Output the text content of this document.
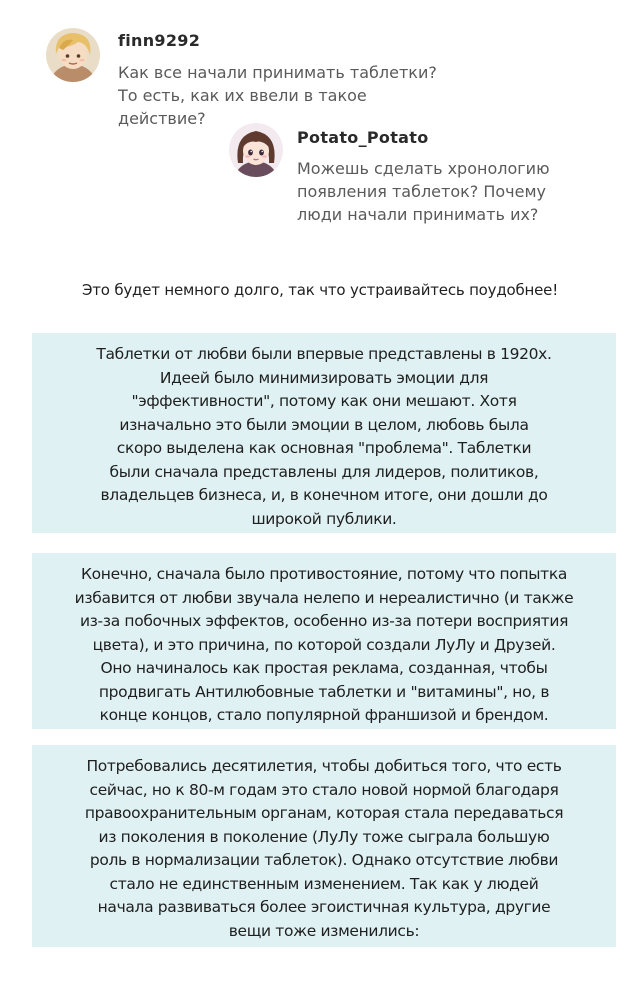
finn9292
Как все начали принимать таблетки?
То есть, как их ввели в такое
действие?
Potato_Potato
Можешь сделать хронологию
появления таблеток? Почему
люди начали принимать их?
Это будет немного долго, так что устраивайтесь поудобнее!
Таблетки от любви были впервые представлены в 1920х.
Идеей было минимизировать эмоции для
"эффективности", потому как они мешают. Хотя
изначально это были эмоции в целом, любовь была
скоро выделена как основная "проблема". Таблетки
были сначала представлены для лидеров, политиков,
владельцев бизнеса, и, в конечном итоге, они дошли до
широкой публики.
Конечно, сначала было противостояние, потому что попытка
избавится от любви звучала нелепо и нереалистично (и также
из-за побочных эффектов, особенно из-за потери восприятия
цвета), и это причина, по которой создали ЛуЛу и Друзей.
Оно начиналось как простая реклама, созданная, чтобы
продвигать Антилюбовные таблетки и "витамины", но, в
конце концов, стало популярной франшизой и брендом.
Потребовались десятилетия, чтобы добиться того, что есть
сейчас, но к 80-м годам это стало новой нормой благодаря
правоохранительным органам, которая стала передаваться
из поколения в поколение (ЛуЛу тоже сыграла большую
роль в нормализации таблеток). Однако отсутствие любви
стало не единственным изменением. Так как у людей
начала развиваться более эгоистичная культура, другие
вещи тоже изменились:
